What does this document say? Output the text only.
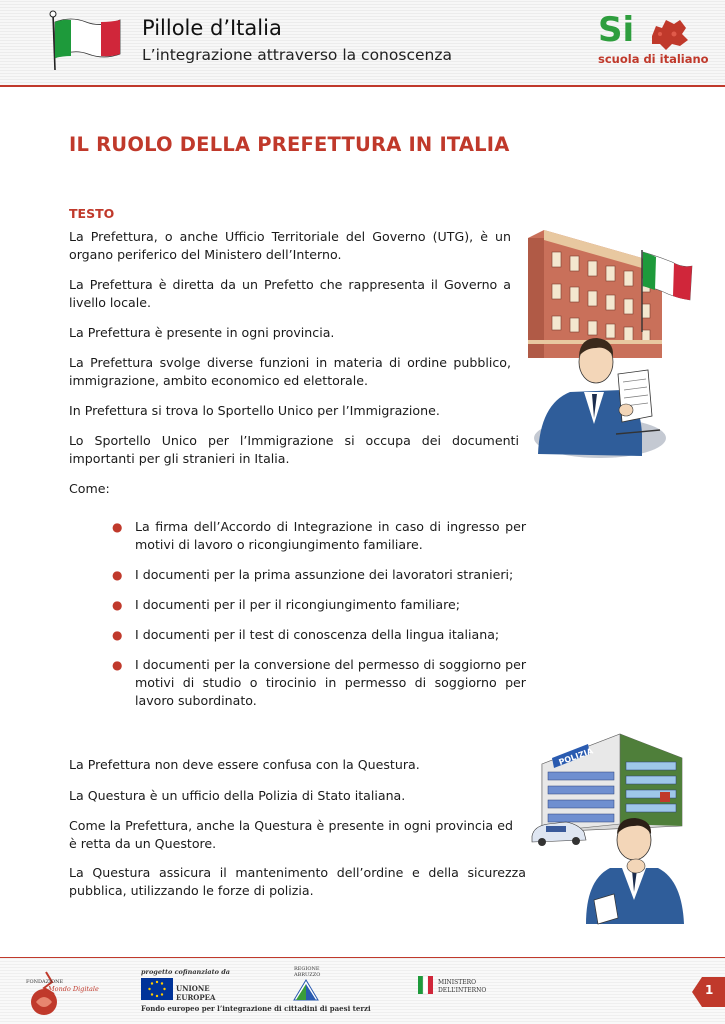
Pillole d’Italia
L’integrazione attraverso la conoscenza
Si
scuola di italiano
IL RUOLO DELLA PREFETTURA IN ITALIA
TESTO

La Prefettura, o anche Ufficio Territoriale del Governo (UTG), è un organo periferico del Ministero dell’Interno.

La Prefettura è diretta da un Prefetto che rappresenta il Governo a livello locale.

La Prefettura è presente in ogni provincia.

La Prefettura svolge diverse funzioni in materia di ordine pubblico, immigrazione, ambito economico ed elettorale.

In Prefettura si trova lo Sportello Unico per l’Immigrazione.

Lo Sportello Unico per l’Immigrazione si occupa dei documenti importanti per gli stranieri in Italia.

Come:

● La firma dell’Accordo di Integrazione in caso di ingresso per motivi di lavoro o ricongiungimento familiare.
● I documenti per la prima assunzione dei lavoratori stranieri;
● I documenti per il per il ricongiungimento familiare;
● I documenti per il test di conoscenza della lingua italiana;
● I documenti per la conversione del permesso di soggiorno per motivi di studio o tirocinio in permesso di soggiorno per lavoro subordinato.

La Prefettura non deve essere confusa con la Questura.

La Questura è un ufficio della Polizia di Stato italiana.

Come la Prefettura, anche la Questura è presente in ogni provincia ed è retta da un Questore.

La Questura assicura il mantenimento dell’ordine e della sicurezza pubblica, utilizzando le forze di polizia.

POLIZIA
FONDAZIONE
Mondo Digitale
progetto cofinanziato da
UNIONE
EUROPEA
REGIONE
ABRUZZO
MINISTERO
DELL’INTERNO
Fondo europeo per l’integrazione di cittadini di paesi terzi
1
